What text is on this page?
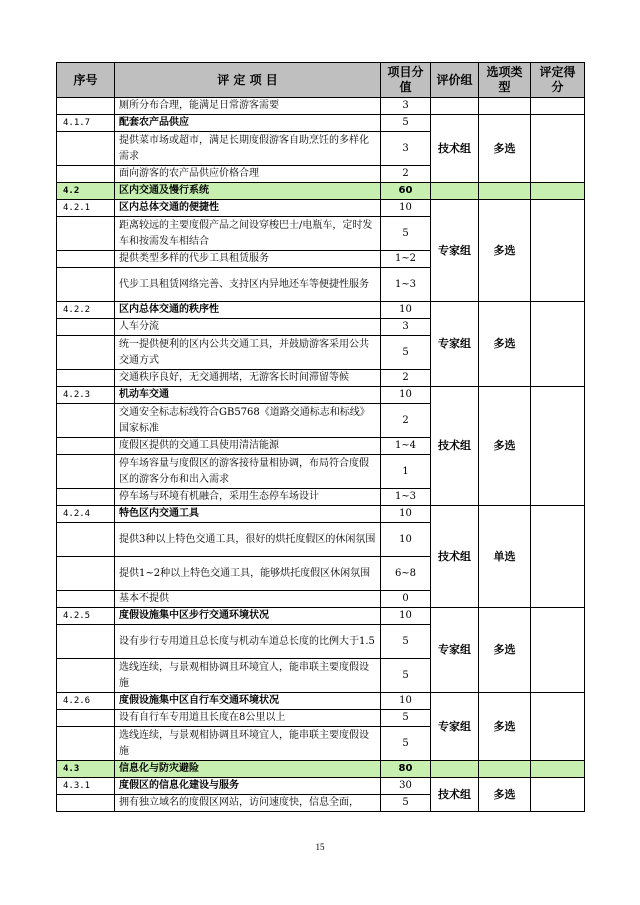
序号	评 定 项 目	项目分值	评价组	选项类型	评定得分
	厕所分布合理，能满足日常游客需要	3			
4.1.7	配套农产品供应	5	技术组	多选	
	提供菜市场或超市，满足长期度假游客自助烹饪的多样化需求	3			
	面向游客的农产品供应价格合理	2			
4.2	区内交通及慢行系统	60			
4.2.1	区内总体交通的便捷性	10	专家组	多选	
	距离较远的主要度假产品之间设穿梭巴士/电瓶车，定时发车和按需发车相结合	5			
	提供类型多样的代步工具租赁服务	1~2			
	代步工具租赁网络完善、支持区内异地还车等便捷性服务	1~3			
4.2.2	区内总体交通的秩序性	10	专家组	多选	
	人车分流	3			
	统一提供便利的区内公共交通工具，并鼓励游客采用公共交通方式	5			
	交通秩序良好，无交通拥堵，无游客长时间滞留等候	2			
4.2.3	机动车交通	10	技术组	多选	
	交通安全标志标线符合GB5768《道路交通标志和标线》国家标准	2			
	度假区提供的交通工具使用清洁能源	1~4			
	停车场容量与度假区的游客接待量相协调，布局符合度假区的游客分布和出入需求	1			
	停车场与环境有机融合，采用生态停车场设计	1~3			
4.2.4	特色区内交通工具	10	技术组	单选	
	提供3种以上特色交通工具，很好的烘托度假区的休闲氛围	10			
	提供1~2种以上特色交通工具，能够烘托度假区休闲氛围	6~8			
	基本不提供	0			
4.2.5	度假设施集中区步行交通环境状况	10	专家组	多选	
	设有步行专用道且总长度与机动车道总长度的比例大于1.5	5			
	选线连续，与景观相协调且环境宜人，能串联主要度假设施	5			
4.2.6	度假设施集中区自行车交通环境状况	10	专家组	多选	
	设有自行车专用道且长度在8公里以上	5			
	选线连续，与景观相协调且环境宜人，能串联主要度假设施	5			
4.3	信息化与防灾避险	80			
4.3.1	度假区的信息化建设与服务	30	技术组	多选	
	拥有独立域名的度假区网站，访问速度快，信息全面，	5			
15
